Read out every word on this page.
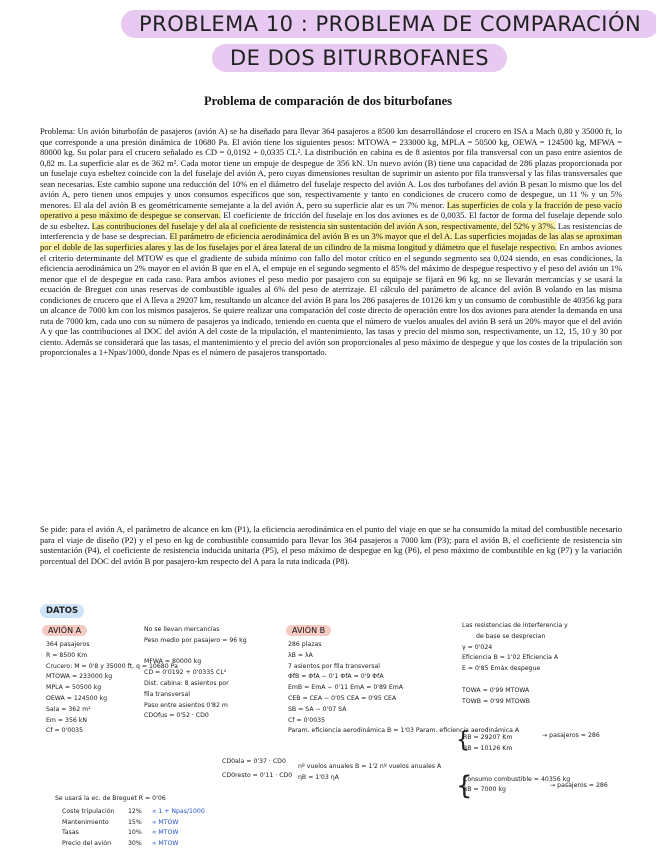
PROBLEMA 10 : PROBLEMA DE COMPARACIÓN
DE DOS BITURBOFANES
Problema de comparación de dos biturbofanes
Problema: Un avión biturbofán de pasajeros (avión A) se ha diseñado para llevar 364 pasajeros a 8500 km desarrollándose el crucero en ISA a Mach 0,80 y 35000 ft, lo que corresponde a una presión dinámica de 10680 Pa. El avión tiene los siguientes pesos: MTOWA = 233000 kg, MPLA = 50500 kg, OEWA = 124500 kg, MFWA = 80000 kg. Su polar para el crucero señalado es CD = 0,0192 + 0,0335 CL². La distribución en cabina es de 8 asientos por fila transversal con un paso entre asientos de 0,82 m. La superficie alar es de 362 m². Cada motor tiene un empuje de despegue de 356 kN. Un nuevo avión (B) tiene una capacidad de 286 plazas proporcionada por un fuselaje cuya esbeltez coincide con la del fuselaje del avión A, pero cuyas dimensiones resultan de suprimir un asiento por fila transversal y las filas transversales que sean necesarias. Este cambio supone una reducción del 10% en el diámetro del fuselaje respecto del avión A. Los dos turbofanes del avión B pesan lo mismo que los del avión A, pero tienen unos empujes y unos consumos específicos que son, respectivamente y tanto en condiciones de crucero como de despegue, un 11 % y un 5% menores. El ala del avión B es geométricamente semejante a la del avión A, pero su superficie alar es un 7% menor. Las superficies de cola y la fracción de peso vacío operativo a peso máximo de despegue se conservan. El coeficiente de fricción del fuselaje en los dos aviones es de 0,0035. El factor de forma del fuselaje depende solo de su esbeltez. Las contribuciones del fuselaje y del ala al coeficiente de resistencia sin sustentación del avión A son, respectivamente, del 52% y 37%. Las resistencias de interferencia y de base se desprecian. El parámetro de eficiencia aerodinámica del avión B es un 3% mayor que el del A. Las superficies mojadas de las alas se aproximan por el doble de las superficies alares y las de los fuselajes por el área lateral de un cilindro de la misma longitud y diámetro que el fuselaje respectivo. En ambos aviones el criterio determinante del MTOW es que el gradiente de subida mínimo con fallo del motor crítico en el segundo segmento sea 0,024 siendo, en esas condiciones, la eficiencia aerodinámica un 2% mayor en el avión B que en el A, el empuje en el segundo segmento el 85% del máximo de despegue respectivo y el peso del avión un 1% menor que el de despegue en cada caso. Para ambos aviones el peso medio por pasajero con su equipaje se fijará en 96 kg, no se llevarán mercancías y se usará la ecuación de Breguet con unas reservas de combustible iguales al 6% del peso de aterrizaje. El cálculo del parámetro de alcance del avión B volando en las misma condiciones de crucero que el A lleva a 29207 km, resultando un alcance del avión B para los 286 pasajeros de 10126 km y un consumo de combustible de 40356 kg para un alcance de 7000 km con los mismos pasajeros. Se quiere realizar una comparación del coste directo de operación entre los dos aviones para atender la demanda en una ruta de 7000 km, cada uno con su número de pasajeros ya indicado, teniendo en cuenta que el número de vuelos anuales del avión B será un 20% mayor que el del avión A y que las contribuciones al DOC del avión A del coste de la tripulación, el mantenimiento, las tasas y precio del mismo son, respectivamente, un 12, 15, 10 y 30 por ciento. Además se considerará que las tasas, el mantenimiento y el precio del avión son proporcionales al peso máximo de despegue y que los costes de la tripulación son proporcionales a 1+Npas/1000, donde Npas es el número de pasajeros transportado.
Se pide: para el avión A, el parámetro de alcance en km (P1), la eficiencia aerodinámica en el punto del viaje en que se ha consumido la mitad del combustible necesario para el viaje de diseño (P2) y el peso en kg de combustible consumido para llevar los 364 pasajeros a 7000 km (P3); para el avión B, el coeficiente de resistencia sin sustentación (P4), el coeficiente de resistencia inducida unitaria (P5), el peso máximo de despegue en kg (P6), el peso máximo de combustible en kg (P7) y la variación porcentual del DOC del avión B por pasajero-km respecto del A para la ruta indicada (P8).
DATOS
AVIÓN A	AVIÓN B
364 pasajeros
R = 8500 Km
Crucero: M = 0'8 y 35000 ft, q = 10680 Pa
MTOWA = 233000 kg
MPLA = 50500 kg
OEWA = 124500 kg
Sala = 362 m²
Em = 356 kN
Cf = 0'0035
No se llevan mercancías
Peso medio por pasajero = 96 kg
MFWA = 80000 kg
CD = 0'0192 + 0'0335 CL²
Dist. cabina: 8 asientos por
fila transversal
Paso entre asientos 0'82 m
CDOfus = 0'52 · CD0
CD0ala = 0'37 · CD0
CD0resto = 0'11 · CD0
286 plazas
λB = λA
7 asientos por fila transversal
ΦfB = ΦfA − 0'1 ΦfA = 0'9 ΦfA
EmB = EmA − 0'11 EmA = 0'89 EmA
CEB = CEA − 0'05 CEA = 0'95 CEA
SB = SA − 0'07 SA
Cf = 0'0035
Param. eficiencia aerodinámica B = 1'03 Param. eficiencia aerodinámica A
nº vuelos anuales B = 1'2 nº vuelos anuales A
ηB = 1'03 ηA
Las resistencias de interferencia y
de base se desprecian
γ = 0'024
Eficiencia B = 1'02 Eficiencia A
E = 0'85 Emáx despegue
TOWA = 0'99 MTOWA
TOWB = 0'99 MTOWB
{
RB = 29207 Km
RB = 10126 Km
→ pasajeros = 286
{
Consumo combustible = 40356 kg
RB = 7000 kg
→ pasajeros = 286
Se usará la ec. de Breguet R = 0'06
Coste tripulación 12% ∝ 1 + Npas/1000
Mantenimiento	15% ∝ MTOW
Tasas	10% ∝ MTOW
Precio del avión	30% ∝ MTOW
